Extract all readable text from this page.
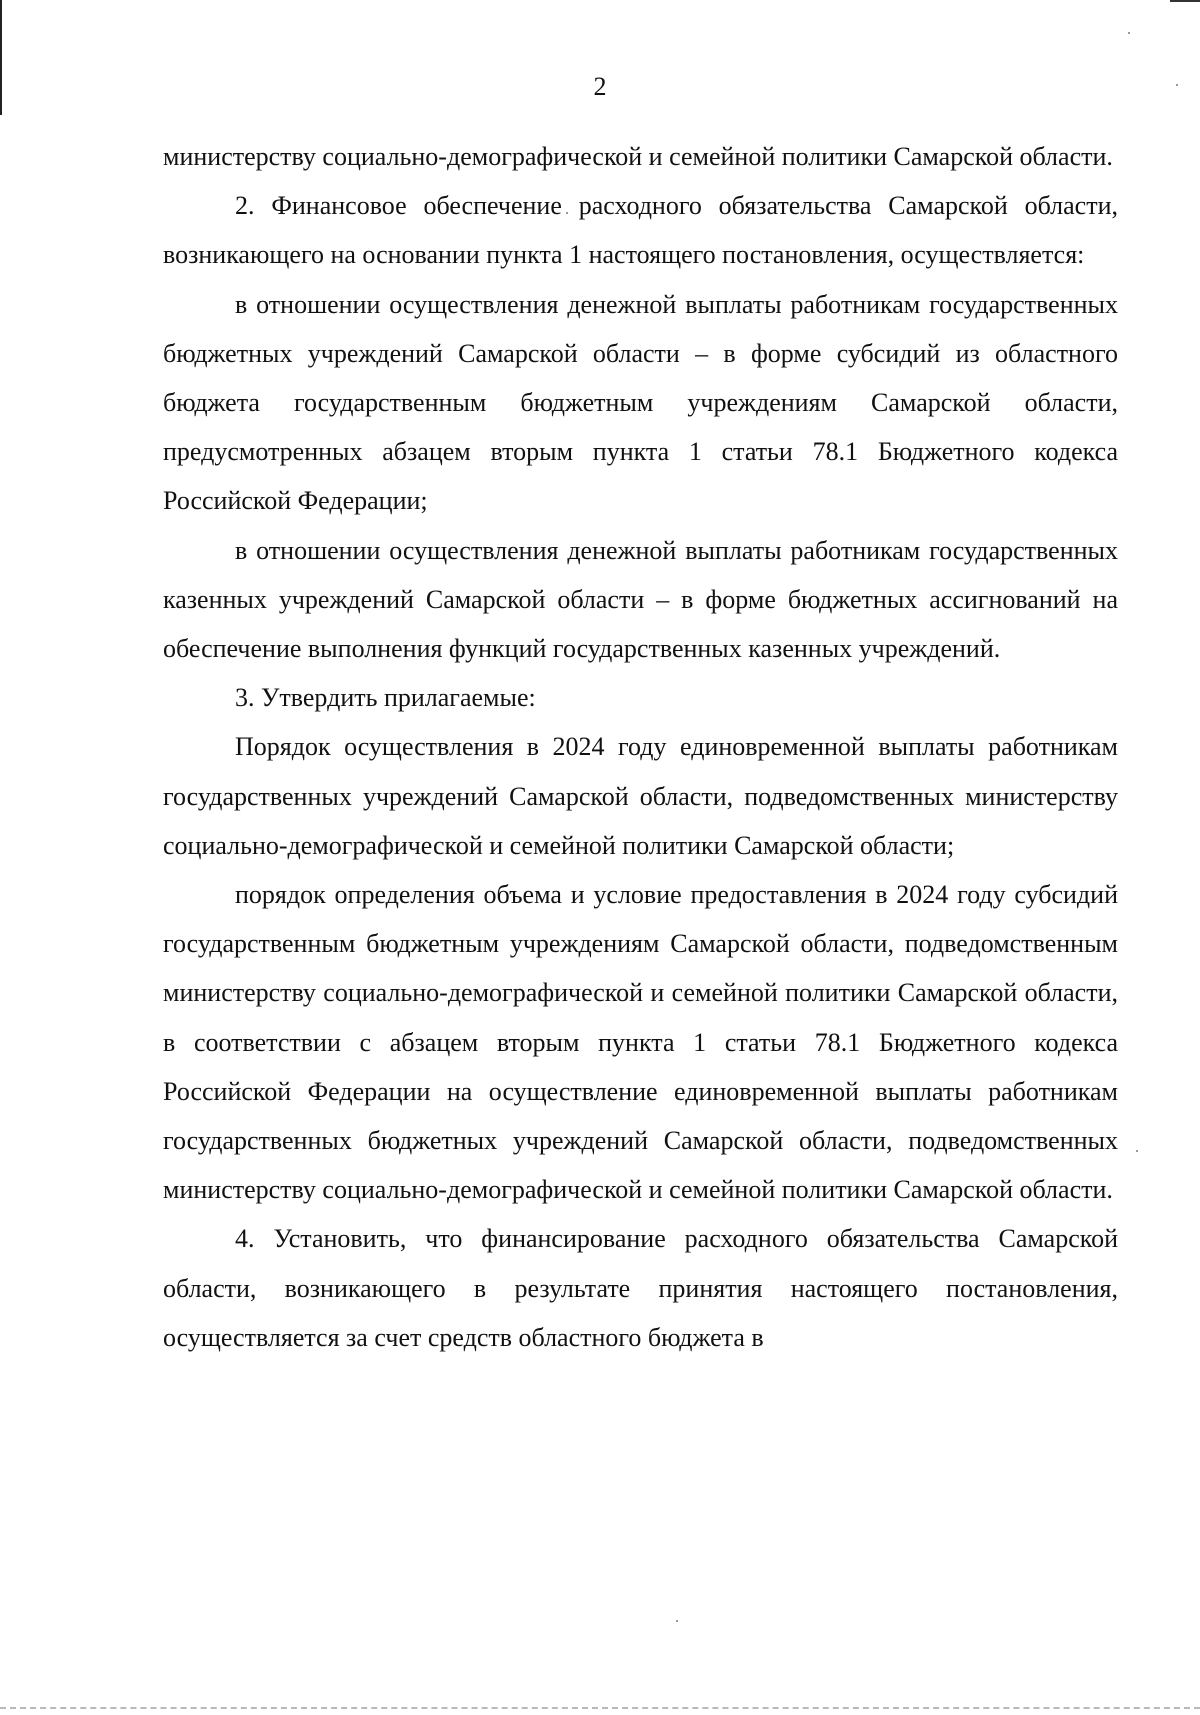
2

министерству социально-демографической и семейной политики Самарской области.

2. Финансовое обеспечение расходного обязательства Самарской области, возникающего на основании пункта 1 настоящего постановления, осуществляется:

в отношении осуществления денежной выплаты работникам государственных бюджетных учреждений Самарской области – в форме субсидий из областного бюджета государственным бюджетным учреждениям Самарской области, предусмотренных абзацем вторым пункта 1 статьи 78.1 Бюджетного кодекса Российской Федерации;

в отношении осуществления денежной выплаты работникам государственных казенных учреждений Самарской области – в форме бюджетных ассигнований на обеспечение выполнения функций государственных казенных учреждений.

3. Утвердить прилагаемые:

Порядок осуществления в 2024 году единовременной выплаты работникам государственных учреждений Самарской области, подведомственных министерству социально-демографической и семейной политики Самарской области;

порядок определения объема и условие предоставления в 2024 году субсидий государственным бюджетным учреждениям Самарской области, подведомственным министерству социально-демографической и семейной политики Самарской области, в соответствии с абзацем вторым пункта 1 статьи 78.1 Бюджетного кодекса Российской Федерации на осуществление единовременной выплаты работникам государственных бюджетных учреждений Самарской области, подведомственных министерству социально-демографической и семейной политики Самарской области.

4. Установить, что финансирование расходного обязательства Самарской области, возникающего в результате принятия настоящего постановления, осуществляется за счет средств областного бюджета в
